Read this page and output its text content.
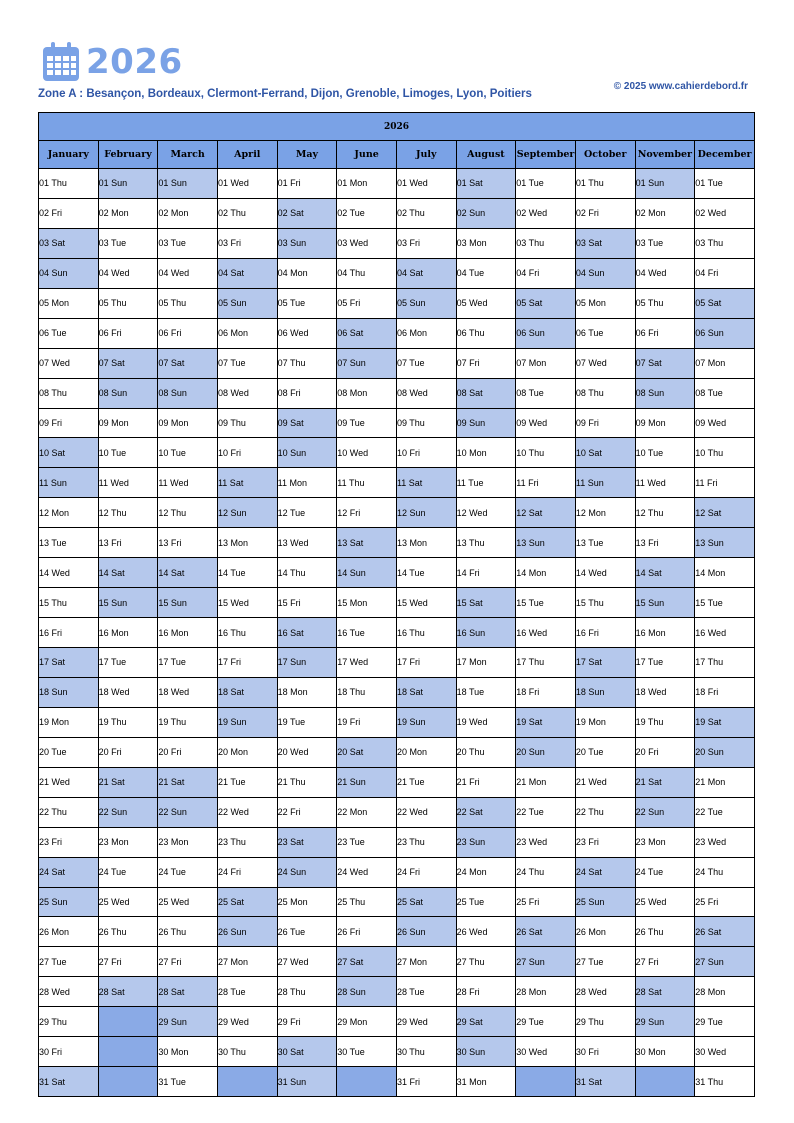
2026
Zone A : Besançon, Bordeaux, Clermont-Ferrand, Dijon, Grenoble, Limoges, Lyon, Poitiers
© 2025 www.cahierdebord.fr
2026											
January	February	March	April	May	June	July	August	September	October	November	December
01 Thu	01 Sun	01 Sun	01 Wed	01 Fri	01 Mon	01 Wed	01 Sat	01 Tue	01 Thu	01 Sun	01 Tue
02 Fri	02 Mon	02 Mon	02 Thu	02 Sat	02 Tue	02 Thu	02 Sun	02 Wed	02 Fri	02 Mon	02 Wed
03 Sat	03 Tue	03 Tue	03 Fri	03 Sun	03 Wed	03 Fri	03 Mon	03 Thu	03 Sat	03 Tue	03 Thu
04 Sun	04 Wed	04 Wed	04 Sat	04 Mon	04 Thu	04 Sat	04 Tue	04 Fri	04 Sun	04 Wed	04 Fri
05 Mon	05 Thu	05 Thu	05 Sun	05 Tue	05 Fri	05 Sun	05 Wed	05 Sat	05 Mon	05 Thu	05 Sat
06 Tue	06 Fri	06 Fri	06 Mon	06 Wed	06 Sat	06 Mon	06 Thu	06 Sun	06 Tue	06 Fri	06 Sun
07 Wed	07 Sat	07 Sat	07 Tue	07 Thu	07 Sun	07 Tue	07 Fri	07 Mon	07 Wed	07 Sat	07 Mon
08 Thu	08 Sun	08 Sun	08 Wed	08 Fri	08 Mon	08 Wed	08 Sat	08 Tue	08 Thu	08 Sun	08 Tue
09 Fri	09 Mon	09 Mon	09 Thu	09 Sat	09 Tue	09 Thu	09 Sun	09 Wed	09 Fri	09 Mon	09 Wed
10 Sat	10 Tue	10 Tue	10 Fri	10 Sun	10 Wed	10 Fri	10 Mon	10 Thu	10 Sat	10 Tue	10 Thu
11 Sun	11 Wed	11 Wed	11 Sat	11 Mon	11 Thu	11 Sat	11 Tue	11 Fri	11 Sun	11 Wed	11 Fri
12 Mon	12 Thu	12 Thu	12 Sun	12 Tue	12 Fri	12 Sun	12 Wed	12 Sat	12 Mon	12 Thu	12 Sat
13 Tue	13 Fri	13 Fri	13 Mon	13 Wed	13 Sat	13 Mon	13 Thu	13 Sun	13 Tue	13 Fri	13 Sun
14 Wed	14 Sat	14 Sat	14 Tue	14 Thu	14 Sun	14 Tue	14 Fri	14 Mon	14 Wed	14 Sat	14 Mon
15 Thu	15 Sun	15 Sun	15 Wed	15 Fri	15 Mon	15 Wed	15 Sat	15 Tue	15 Thu	15 Sun	15 Tue
16 Fri	16 Mon	16 Mon	16 Thu	16 Sat	16 Tue	16 Thu	16 Sun	16 Wed	16 Fri	16 Mon	16 Wed
17 Sat	17 Tue	17 Tue	17 Fri	17 Sun	17 Wed	17 Fri	17 Mon	17 Thu	17 Sat	17 Tue	17 Thu
18 Sun	18 Wed	18 Wed	18 Sat	18 Mon	18 Thu	18 Sat	18 Tue	18 Fri	18 Sun	18 Wed	18 Fri
19 Mon	19 Thu	19 Thu	19 Sun	19 Tue	19 Fri	19 Sun	19 Wed	19 Sat	19 Mon	19 Thu	19 Sat
20 Tue	20 Fri	20 Fri	20 Mon	20 Wed	20 Sat	20 Mon	20 Thu	20 Sun	20 Tue	20 Fri	20 Sun
21 Wed	21 Sat	21 Sat	21 Tue	21 Thu	21 Sun	21 Tue	21 Fri	21 Mon	21 Wed	21 Sat	21 Mon
22 Thu	22 Sun	22 Sun	22 Wed	22 Fri	22 Mon	22 Wed	22 Sat	22 Tue	22 Thu	22 Sun	22 Tue
23 Fri	23 Mon	23 Mon	23 Thu	23 Sat	23 Tue	23 Thu	23 Sun	23 Wed	23 Fri	23 Mon	23 Wed
24 Sat	24 Tue	24 Tue	24 Fri	24 Sun	24 Wed	24 Fri	24 Mon	24 Thu	24 Sat	24 Tue	24 Thu
25 Sun	25 Wed	25 Wed	25 Sat	25 Mon	25 Thu	25 Sat	25 Tue	25 Fri	25 Sun	25 Wed	25 Fri
26 Mon	26 Thu	26 Thu	26 Sun	26 Tue	26 Fri	26 Sun	26 Wed	26 Sat	26 Mon	26 Thu	26 Sat
27 Tue	27 Fri	27 Fri	27 Mon	27 Wed	27 Sat	27 Mon	27 Thu	27 Sun	27 Tue	27 Fri	27 Sun
28 Wed	28 Sat	28 Sat	28 Tue	28 Thu	28 Sun	28 Tue	28 Fri	28 Mon	28 Wed	28 Sat	28 Mon
29 Thu		29 Sun	29 Wed	29 Fri	29 Mon	29 Wed	29 Sat	29 Tue	29 Thu	29 Sun	29 Tue
30 Fri		30 Mon	30 Thu	30 Sat	30 Tue	30 Thu	30 Sun	30 Wed	30 Fri	30 Mon	30 Wed
31 Sat		31 Tue		31 Sun		31 Fri	31 Mon		31 Sat		31 Thu
